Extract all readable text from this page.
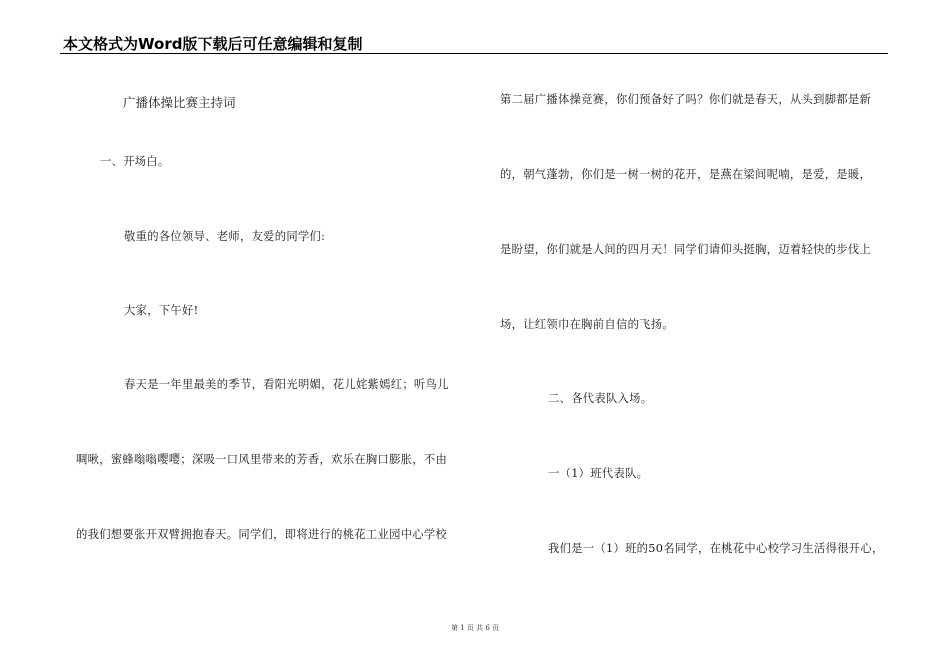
本文格式为Word版下载后可任意编辑和复制
广播体操比赛主持词
一、开场白。
敬重的各位领导、老师，友爱的同学们:
大家，下午好!
春天是一年里最美的季节，看阳光明媚，花儿姹紫嫣红；听鸟儿
啁啾，蜜蜂嗡嗡嘤嘤；深吸一口风里带来的芳香，欢乐在胸口膨胀，不由
的我们想要张开双臂拥抱春天。同学们，即将进行的桃花工业园中心学校
第二届广播体操竞赛，你们预备好了吗？你们就是春天，从头到脚都是新
的，朝气蓬勃，你们是一树一树的花开，是燕在梁间呢喃，是爱，是暖，
是盼望，你们就是人间的四月天！同学们请仰头挺胸，迈着轻快的步伐上
场，让红领巾在胸前自信的飞扬。
二、各代表队入场。
一（1）班代表队。
我们是一（1）班的50名同学，在桃花中心校学习生活得很开心，
第 1 页 共 6 页
